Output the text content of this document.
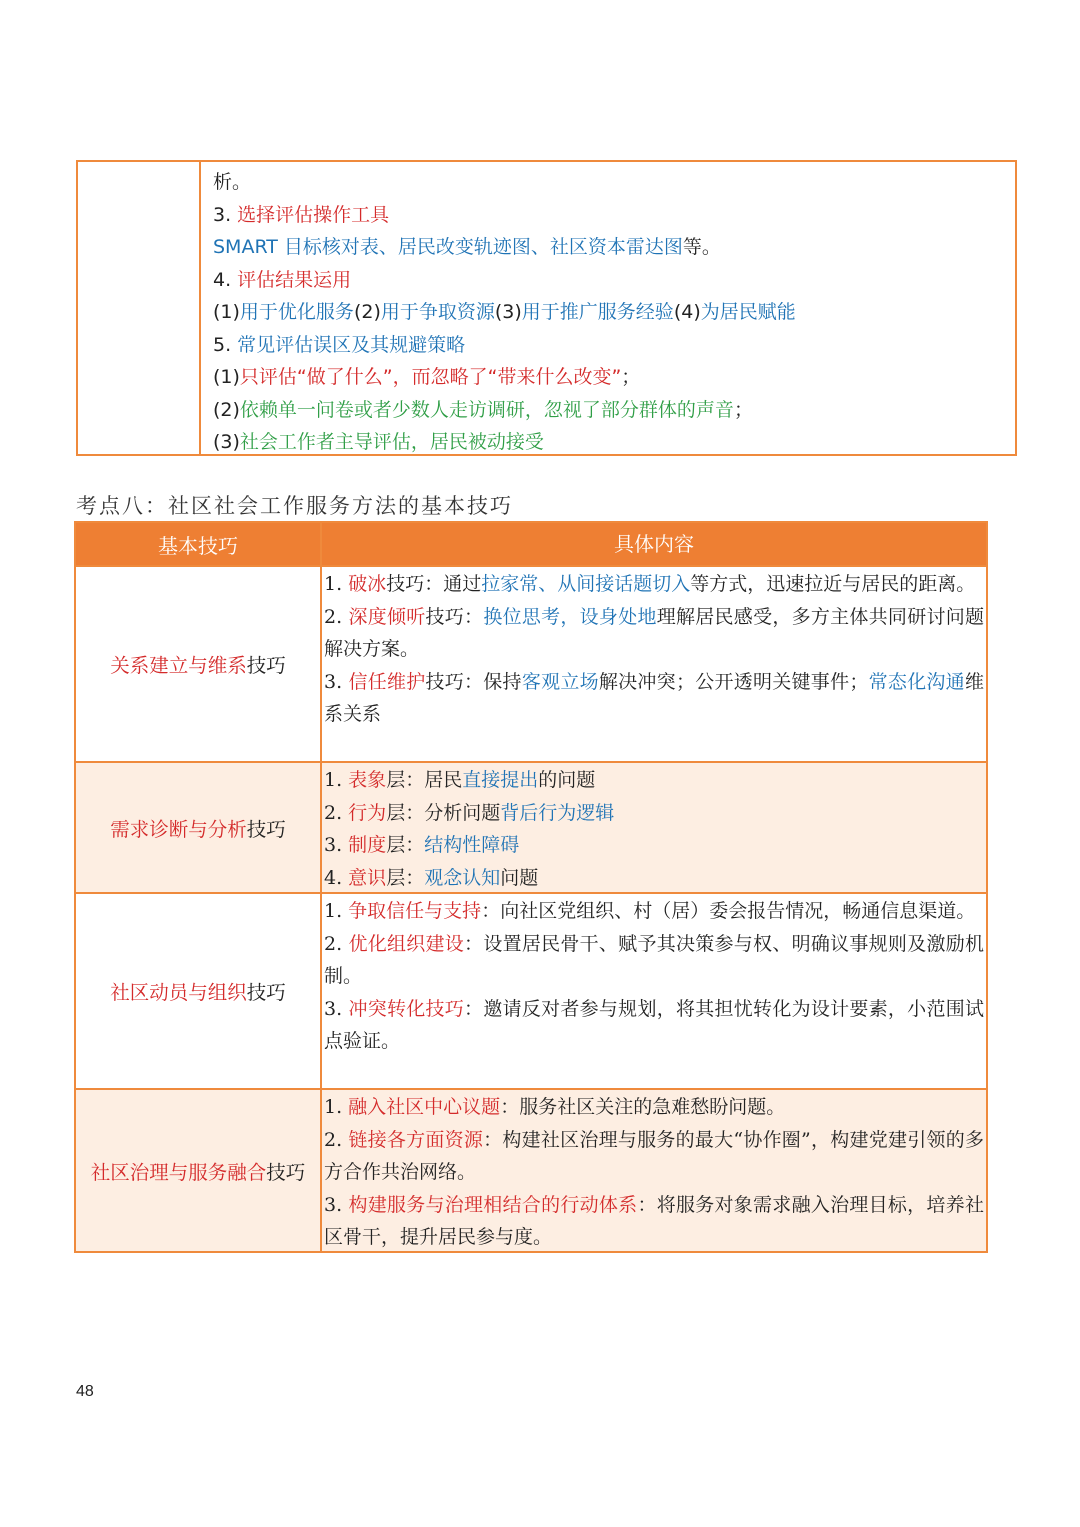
析。
3. 选择评估操作工具
SMART 目标核对表、居民改变轨迹图、社区资本雷达图等。
4. 评估结果运用
(1)用于优化服务(2)用于争取资源(3)用于推广服务经验(4)为居民赋能
5. 常见评估误区及其规避策略
(1)只评估“做了什么”，而忽略了“带来什么改变”；
(2)依赖单一问卷或者少数人走访调研，忽视了部分群体的声音；
(3)社会工作者主导评估，居民被动接受
考点八：社区社会工作服务方法的基本技巧
基本技巧	具体内容
关系建立与维系 技巧
1. 破冰技巧：通过拉家常、从间接话题切入等方式，迅速拉近与居民的距离。
2. 深度倾听技巧：换位思考，设身处地理解居民感受，多方主体共同研讨问题解决方案。
3. 信任维护技巧：保持客观立场解决冲突；公开透明关键事件；常态化沟通维系关系
需求诊断与分析 技巧
1. 表象层：居民直接提出的问题
2. 行为层：分析问题背后行为逻辑
3. 制度层：结构性障碍
4. 意识层：观念认知问题
社区动员与组织 技巧
1. 争取信任与支持：向社区党组织、村（居）委会报告情况，畅通信息渠道。
2. 优化组织建设：设置居民骨干、赋予其决策参与权、明确议事规则及激励机制。
3. 冲突转化技巧：邀请反对者参与规划，将其担忧转化为设计要素，小范围试点验证。
社区治理与服务融合 技巧
1. 融入社区中心议题：服务社区关注的急难愁盼问题。
2. 链接各方面资源：构建社区治理与服务的最大“协作圈”，构建党建引领的多方合作共治网络。
3. 构建服务与治理相结合的行动体系：将服务对象需求融入治理目标，培养社区骨干，提升居民参与度。
48
